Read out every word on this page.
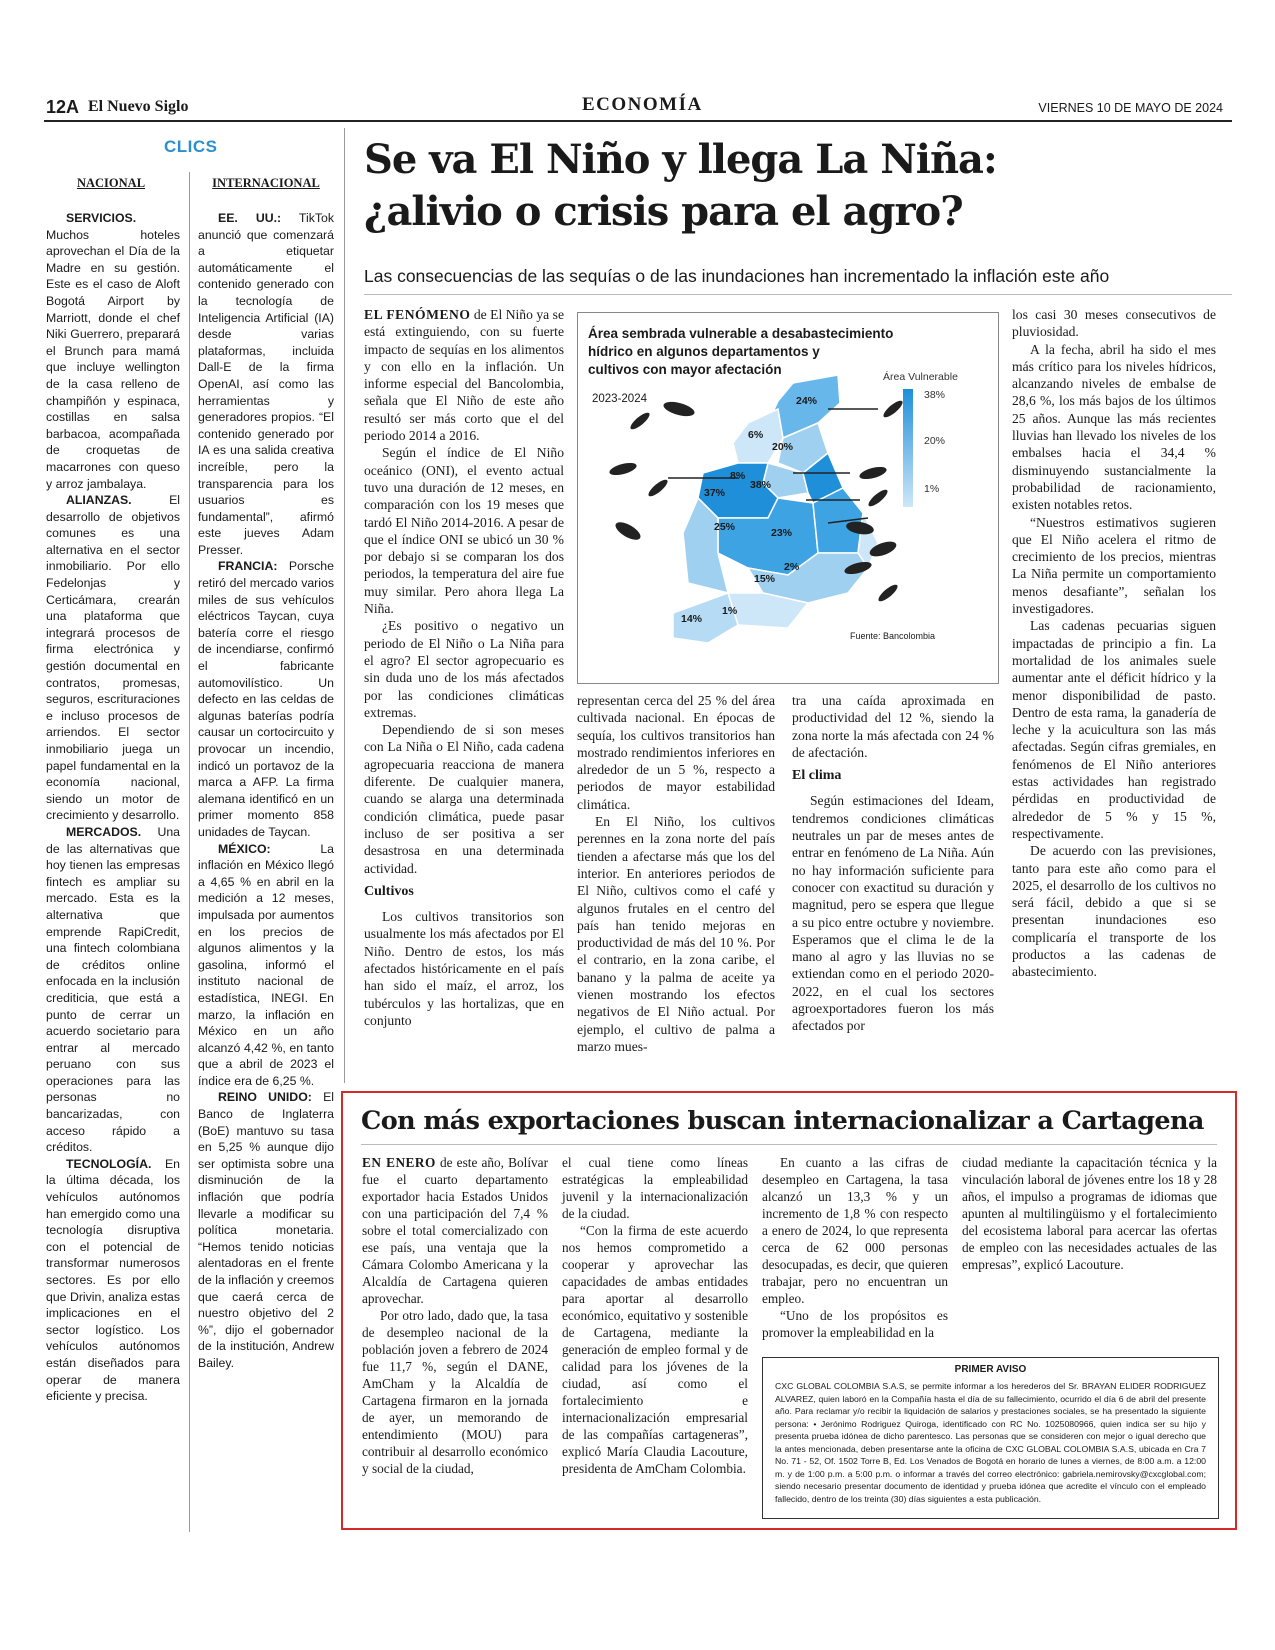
12A El Nuevo Siglo	ECONOMÍA	VIERNES 10 DE MAYO DE 2024
CLICS
NACIONAL	INTERNACIONAL

SERVICIOS. Muchos hoteles aprovechan el Día de la Madre en su gestión. Este es el caso de Aloft Bogotá Airport by Marriott, donde el chef Niki Guerrero, preparará el Brunch para mamá que incluye wellington de la casa relleno de champiñón y espinaca, costillas en salsa barbacoa, acompañada de croquetas de macarrones con queso y arroz jambalaya.

ALIANZAS.	El desarrollo de objetivos comunes es una alternativa en el sector inmobiliario. Por ello Fedelonjas y Certicámara, crearán una plataforma que integrará procesos de firma electrónica y gestión documental en contratos, promesas, seguros, escrituraciones e incluso procesos de arriendos. El sector inmobiliario juega un papel fundamental en la economía nacional, siendo un motor de crecimiento y desarrollo.

MERCADOS. Una de las alternativas que hoy tienen las empresas fintech es ampliar su mercado. Esta es la alternativa que emprende RapiCredit, una fintech colombiana de créditos online enfocada en la inclusión crediticia, que está a punto de cerrar un acuerdo societario para entrar al mercado peruano con sus operaciones para las personas no bancarizadas, con acceso rápido a créditos.

TECNOLOGÍA. En la última década, los vehículos autónomos han emergido como una tecnología disruptiva con el potencial de transformar numerosos sectores. Es por ello que Drivin, analiza estas implicaciones en el sector logístico. Los vehículos autónomos están diseñados para operar de manera eficiente y precisa.

EE. UU.: TikTok anunció que comenzará a etiquetar automáticamente el contenido generado con la tecnología de Inteligencia Artificial (IA) desde varias plataformas, incluida Dall-E de la firma OpenAI, así como las herramientas y generadores propios. “El contenido generado por IA es una salida creativa increíble, pero la transparencia para los usuarios es fundamental”, afirmó este jueves Adam Presser.

FRANCIA: Porsche retiró del mercado varios miles de sus vehículos eléctricos Taycan, cuya batería corre el riesgo de incendiarse, confirmó el fabricante automovilístico. Un defecto en las celdas de algunas baterías podría causar un cortocircuito y provocar un incendio, indicó un portavoz de la marca a AFP. La firma alemana identificó en un primer momento 858 unidades de Taycan.

MÉXICO:	La inflación en México llegó a 4,65 % en abril en la medición a 12 meses, impulsada por aumentos en los precios de algunos alimentos y la gasolina, informó el instituto nacional de estadística, INEGI. En marzo, la inflación en México en un año alcanzó 4,42 %, en tanto que a abril de 2023 el índice era de 6,25 %.

REINO UNIDO: El Banco de Inglaterra (BoE) mantuvo su tasa en 5,25 % aunque dijo ser optimista sobre una disminución de la inflación que podría llevarle a modificar su política monetaria. “Hemos tenido noticias alentadoras en el frente de la inflación y creemos que caerá cerca de nuestro objetivo del 2 %”, dijo el gobernador de la institución, Andrew Bailey.

Se va El Niño y llega La Niña:
¿alivio o crisis para el agro?
Las consecuencias de las sequías o de las inundaciones han incrementado la inflación este año

EL FENÓMENO de El Niño ya se está extinguiendo, con su fuerte impacto de sequías en los alimentos y con ello en la inflación. Un informe especial del Bancolombia, señala que El Niño de este año resultó ser más corto que el del periodo 2014 a 2016.

Según el índice de El Niño oceánico (ONI), el evento actual tuvo una duración de 12 meses, en comparación con los 19 meses que tardó El Niño 2014-2016. A pesar de que el índice ONI se ubicó un 30 % por debajo si se comparan los dos periodos, la temperatura del aire fue muy similar. Pero ahora llega La Niña.

¿Es positivo o negativo un periodo de El Niño o La Niña para el agro? El sector agropecuario es sin duda uno de los más afectados por las condiciones climáticas extremas.

Dependiendo de si son meses con La Niña o El Niño, cada cadena agropecuaria reacciona de manera diferente. De cualquier manera, cuando se alarga una determinada condición climática, puede pasar incluso de ser positiva a ser desastrosa en una determinada actividad.

Cultivos

Los cultivos transitorios son usualmente los más afectados por El Niño. Dentro de estos, los más afectados históricamente en el país han sido el maíz, el arroz, los tubérculos y las hortalizas, que en conjunto

Área sembrada vulnerable a desabastecimiento
hídrico en algunos departamentos y
cultivos con mayor afectación
2023-2024
Área Vulnerable
38%
20%
1%
24%
6%
20%
8%
38%
37%
25%	23%
2%
15%
1%
14%
Fuente: Bancolombia

representan cerca del 25 % del área cultivada nacional. En épocas de sequía, los cultivos transitorios han mostrado rendimientos inferiores en alrededor de un 5 %, respecto a periodos de mayor estabilidad climática.

En El Niño, los cultivos perennes en la zona norte del país tienden a afectarse más que los del interior. En anteriores periodos de El Niño, cultivos como el café y algunos frutales en el centro del país han tenido mejoras en productividad de más del 10 %. Por el contrario, en la zona caribe, el banano y la palma de aceite ya vienen mostrando los efectos negativos de El Niño actual. Por ejemplo, el cultivo de palma a marzo mues-

tra una caída aproximada en productividad del 12 %, siendo la zona norte la más afectada con 24 % de afectación.

El clima

Según estimaciones del Ideam, tendremos condiciones climáticas neutrales un par de meses antes de entrar en fenómeno de La Niña. Aún no hay información suficiente para conocer con exactitud su duración y magnitud, pero se espera que llegue a su pico entre octubre y noviembre. Esperamos que el clima le de la mano al agro y las lluvias no se extiendan como en el periodo 2020-2022, en el cual los sectores agroexportadores fueron los más afectados por

los casi 30 meses consecutivos de pluviosidad.

A la fecha, abril ha sido el mes más crítico para los niveles hídricos, alcanzando niveles de embalse de 28,6 %, los más bajos de los últimos 25 años. Aunque las más recientes lluvias han llevado los niveles de los embalses hacia el 34,4 % disminuyendo sustancialmente la probabilidad de racionamiento, existen notables retos.

“Nuestros estimativos sugieren que El Niño acelera el ritmo de crecimiento de los precios, mientras La Niña permite un comportamiento menos desafiante”, señalan los investigadores.

Las cadenas pecuarias siguen impactadas de principio a fin. La mortalidad de los animales suele aumentar ante el déficit hídrico y la menor disponibilidad de pasto. Dentro de esta rama, la ganadería de leche y la acuicultura son las más afectadas. Según cifras gremiales, en fenómenos de El Niño anteriores estas actividades han registrado pérdidas en productividad de alrededor de 5 % y 15 %, respectivamente.

De acuerdo con las previsiones, tanto para este año como para el 2025, el desarrollo de los cultivos no será fácil, debido a que si se presentan inundaciones eso complicaría el transporte de los productos a las cadenas de abastecimiento.

Con más exportaciones buscan internacionalizar a Cartagena

EN ENERO de este año, Bolívar fue el cuarto departamento exportador hacia Estados Unidos con una participación del 7,4 % sobre el total comercializado con ese país, una ventaja que la Cámara Colombo Americana y la Alcaldía de Cartagena quieren aprovechar.

Por otro lado, dado que, la tasa de desempleo nacional de la población joven a febrero de 2024 fue 11,7 %, según el DANE, AmCham y la Alcaldía de Cartagena firmaron en la jornada de ayer, un memorando de entendimiento (MOU) para contribuir al desarrollo económico y social de la ciudad,

el cual tiene como líneas estratégicas la empleabilidad juvenil y la internacionalización de la ciudad.

“Con la firma de este acuerdo nos hemos comprometido a cooperar y aprovechar las capacidades de ambas entidades para aportar al desarrollo económico, equitativo y sostenible de Cartagena, mediante la generación de empleo formal y de calidad para los jóvenes de la ciudad, así como el fortalecimiento e internacionalización empresarial de las compañías cartageneras”, explicó María Claudia Lacouture, presidenta de AmCham Colombia.

En cuanto a las cifras de desempleo en Cartagena, la tasa alcanzó un 13,3 % y un incremento de 1,8 % con respecto a enero de 2024, lo que representa cerca de 62 000 personas desocupadas, es decir, que quieren trabajar, pero no encuentran un empleo.

“Uno de los propósitos es promover la empleabilidad en la

ciudad mediante la capacitación técnica y la vinculación laboral de jóvenes entre los 18 y 28 años, el impulso a programas de idiomas que apunten al multilingüismo y el fortalecimiento del ecosistema laboral para acercar las ofertas de empleo con las necesidades actuales de las empresas”, explicó Lacouture.

PRIMER AVISO
CXC GLOBAL COLOMBIA S.A.S, se permite informar a los herederos del Sr. BRAYAN ELIDER RODRIGUEZ ALVAREZ, quien laboró en la Compañía hasta el día de su fallecimiento, ocurrido el día 6 de abril del presente año. Para reclamar y/o recibir la liquidación de salarios y prestaciones sociales, se ha presentado la siguiente persona: • Jerónimo Rodriguez Quiroga, identificado con RC No. 1025080966, quien indica ser su hijo y presenta prueba idónea de dicho parentesco. Las personas que se consideren con mejor o igual derecho que la antes mencionada, deben presentarse ante la oficina de CXC GLOBAL COLOMBIA S.A.S, ubicada en Cra 7 No. 71 - 52, Of. 1502 Torre B, Ed. Los Venados de Bogotá en horario de lunes a viernes, de 8:00 a.m. a 12:00 m. y de 1:00 p.m. a 5:00 p.m. o informar a través del correo electrónico: gabriela.nemirovsky@cxcglobal.com; siendo necesario presentar documento de identidad y prueba idónea que acredite el vínculo con el empleado fallecido, dentro de los treinta (30) días siguientes a esta publicación.
